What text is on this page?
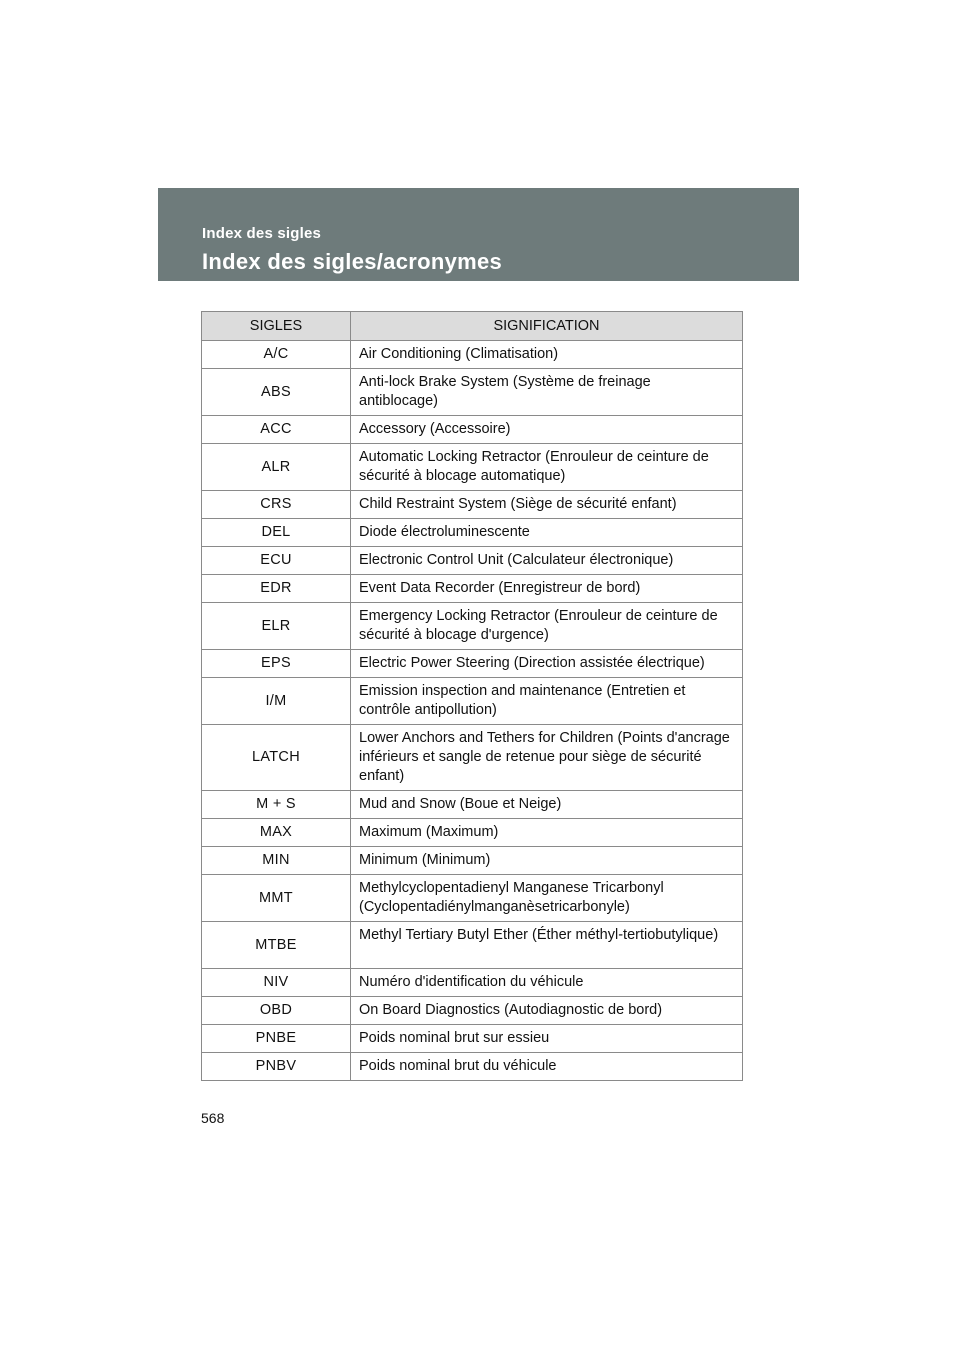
Index des sigles
Index des sigles/acronymes
SIGLES	SIGNIFICATION
A/C	Air Conditioning (Climatisation)
ABS	Anti-lock Brake System (Système de freinage antiblocage)
ACC	Accessory (Accessoire)
ALR	Automatic Locking Retractor (Enrouleur de ceinture de sécurité à blocage automatique)
CRS	Child Restraint System (Siège de sécurité enfant)
DEL	Diode électroluminescente
ECU	Electronic Control Unit (Calculateur électronique)
EDR	Event Data Recorder (Enregistreur de bord)
ELR	Emergency Locking Retractor (Enrouleur de ceinture de sécurité à blocage d'urgence)
EPS	Electric Power Steering (Direction assistée électrique)
I/M	Emission inspection and maintenance (Entretien et contrôle antipollution)
LATCH	Lower Anchors and Tethers for Children (Points d'ancrage inférieurs et sangle de retenue pour siège de sécurité enfant)
M + S	Mud and Snow (Boue et Neige)
MAX	Maximum (Maximum)
MIN	Minimum (Minimum)
MMT	Methylcyclopentadienyl Manganese Tricarbonyl (Cyclopentadiénylmanganèsetricarbonyle)
MTBE	Methyl Tertiary Butyl Ether (Éther méthyl-tertiobutylique)
NIV	Numéro d'identification du véhicule
OBD	On Board Diagnostics (Autodiagnostic de bord)
PNBE	Poids nominal brut sur essieu
PNBV	Poids nominal brut du véhicule
568
